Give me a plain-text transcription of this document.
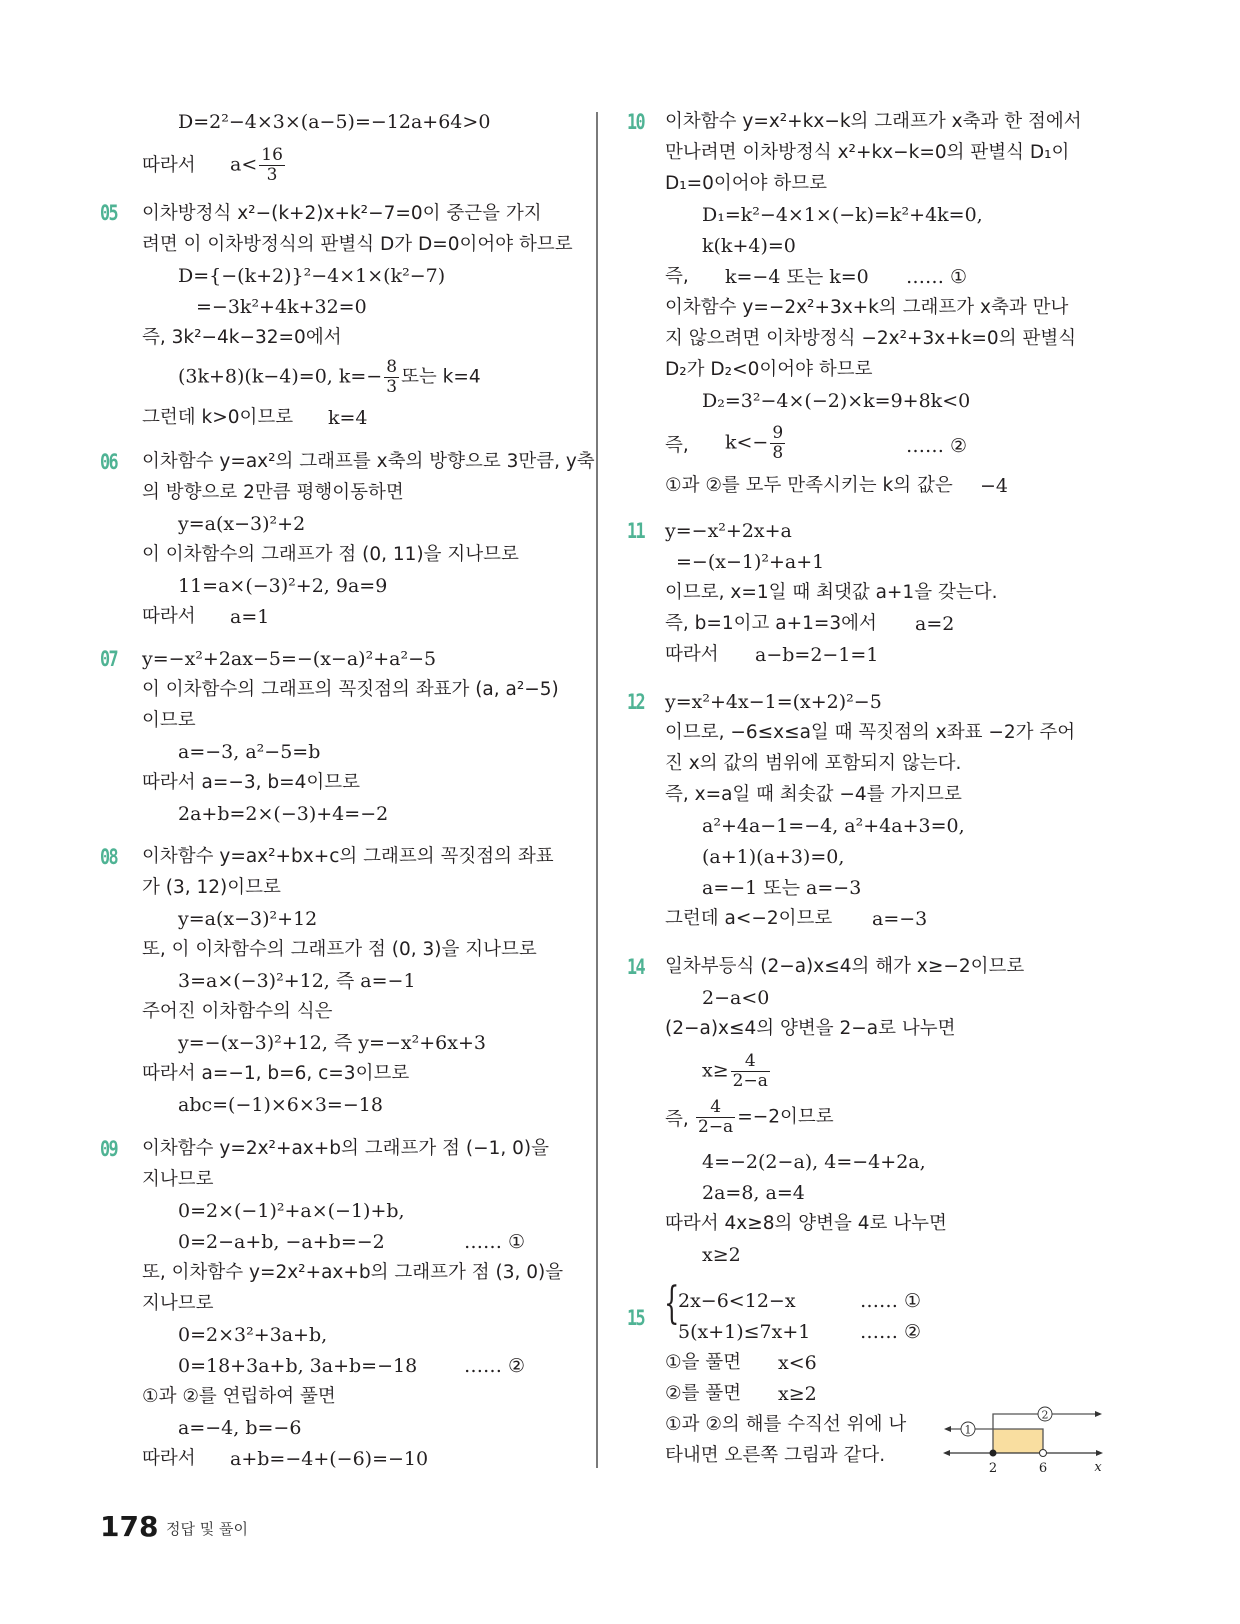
D=2²−4×3×(a−5)=−12a+64>0
따라서 $a< \frac{16}{3}$
05 이차방정식 x²−(k+2)x+k²−7=0이 중근을 가지
려면 이 이차방정식의 판별식 D가 D=0이어야 하므로
D={−(k+2)}²−4×1×(k²−7)
=−3k²+4k+32=0
즉, 3k²−4k−32=0에서
(3k+8)(k−4)=0, $k=- \frac{8}{3}$ 또는 k=4
그런데 k>0이므로 k=4
06 이차함수 y=ax²의 그래프를 x축의 방향으로 3만큼, y축
의 방향으로 2만큼 평행이동하면
y=a(x−3)²+2
이 이차함수의 그래프가 점 (0, 11)을 지나므로
11=a×(−3)²+2, 9a=9
따라서 a=1
07 y=−x²+2ax−5=−(x−a)²+a²−5
이 이차함수의 그래프의 꼭짓점의 좌표가 (a, a²−5)
이므로
a=−3, a²−5=b
따라서 a=−3, b=4이므로
2a+b=2×(−3)+4=−2
08 이차함수 y=ax²+bx+c의 그래프의 꼭짓점의 좌표
가 (3, 12)이므로
y=a(x−3)²+12
또, 이 이차함수의 그래프가 점 (0, 3)을 지나므로
3=a×(−3)²+12, 즉 a=−1
주어진 이차함수의 식은
y=−(x−3)²+12, 즉 y=−x²+6x+3
따라서 a=−1, b=6, c=3이므로
abc=(−1)×6×3=−18
09 이차함수 y=2x²+ax+b의 그래프가 점 (−1, 0)을
지나므로
0=2×(−1)²+a×(−1)+b,
0=2−a+b, −a+b=−2	…… ①
또, 이차함수 y=2x²+ax+b의 그래프가 점 (3, 0)을
지나므로
0=2×3²+3a+b,
0=18+3a+b, 3a+b=−18 …… ②
①과 ②를 연립하여 풀면
a=−4, b=−6
따라서 a+b=−4+(−6)=−10
10 이차함수 y=x²+kx−k의 그래프가 x축과 한 점에서
만나려면 이차방정식 x²+kx−k=0의 판별식 D₁이
D₁=0이어야 하므로
D₁=k²−4×1×(−k)=k²+4k=0,
k(k+4)=0
즉, k=−4 또는 k=0 …… ①
이차함수 y=−2x²+3x+k의 그래프가 x축과 만나
지 않으려면 이차방정식 −2x²+3x+k=0의 판별식
D₂가 D₂<0이어야 하므로
D₂=3²−4×(−2)×k=9+8k<0
즉, $k<- \frac{9}{8}$	…… ②
①과 ②를 모두 만족시키는 k의 값은 −4
11 y=−x²+2x+a
=−(x−1)²+a+1
이므로, x=1일 때 최댓값 a+1을 갖는다.
즉, b=1이고 a+1=3에서 a=2
따라서 a−b=2−1=1
12 y=x²+4x−1=(x+2)²−5
이므로, −6≤x≤a일 때 꼭짓점의 x좌표 −2가 주어
진 x의 값의 범위에 포함되지 않는다.
즉, x=a일 때 최솟값 −4를 가지므로
a²+4a−1=−4, a²+4a+3=0,
(a+1)(a+3)=0,
a=−1 또는 a=−3
그런데 a<−2이므로 a=−3
14 일차부등식 (2−a)x≤4의 해가 x≥−2이므로
2−a<0
(2−a)x≤4의 양변을 2−a로 나누면
$x\ge \frac{4}{2-a}$
즉, $\frac{4}{2-a} =-2$이므로
4=−2(2−a), 4=−4+2a,
2a=8, a=4
따라서 4x≥8의 양변을 4로 나누면
x≥2
15 {
2x−6<12−x	…… ①
5(x+1)≤7x+1	…… ②
①을 풀면 x<6
②를 풀면 x≥2
①과 ②의 해를 수직선 위에 나
타내면 오른쪽 그림과 같다.
2
1
2	6	x
178 정답 및 풀이
